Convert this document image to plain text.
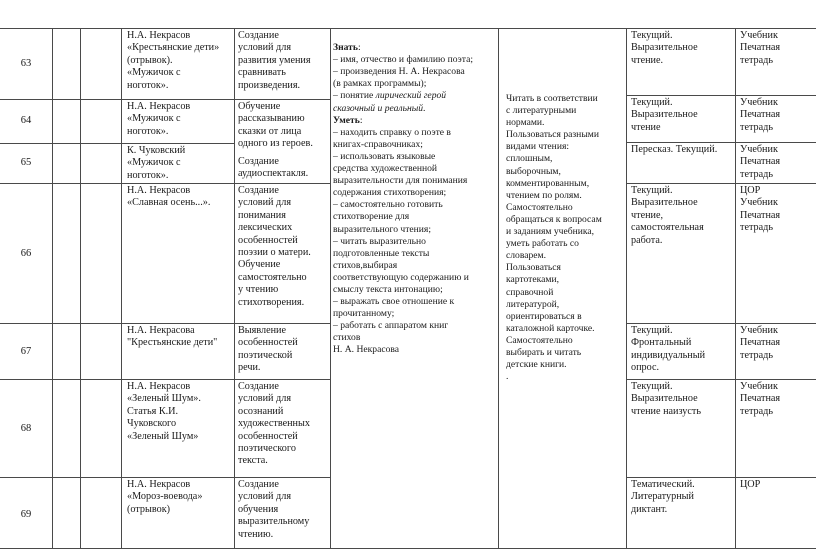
63
64
65
66
67
68
69
Н.А. Некрасов
«Крестьянские дети»
(отрывок).
«Мужичок с
ноготок».
Н.А. Некрасов
«Мужичок с
ноготок».
К. Чуковский
«Мужичок с
ноготок».
Н.А. Некрасов
«Славная осень...».
Н.А. Некрасова
"Крестьянские дети"
Н.А. Некрасов
«Зеленый Шум».
Статья К.И.
Чуковского
«Зеленый Шум»
Н.А. Некрасов
«Мороз-воевода»
(отрывок)
Создание
условий для
развития умения
сравнивать
произведения.
Обучение
рассказыванию
сказки от лица
одного из героев.
Создание
аудиоспектакля.
Создание
условий для
понимания
лексических
особенностей
поэзии о матери.
Обучение
самостоятельно
у чтению
стихотворения.
Выявление
особенностей
поэтической
речи.
Создание
условий для
осознаний
художественных
особенностей
поэтического
текста.
Создание
условий для
обучения
выразительному
чтению.

Знать:
– имя, отчество и фамилию поэта;
– произведения Н. А. Некрасова
(в рамках программы);
– понятие лирический герой
сказочный и реальный.
Уметь:
– находить справку о поэте в
книгах-справочниках;
– использовать языковые
средства художественной
выразительности для понимания
содержания стихотворения;
– самостоятельно готовить
стихотворение для
выразительного чтения;
– читать выразительно
подготовленные тексты
стихов,выбирая
соответствующую содержанию и
смыслу текста интонацию;
– выражать свое отношение к
прочитанному;
– работать с аппаратом книг
стихов
Н. А. Некрасова
Читать в соответствии
с литературными
нормами.
Пользоваться разными
видами чтения:
сплошным,
выборочным,
комментированным,
чтением по ролям.
Самостоятельно
обращаться к вопросам
и заданиям учебника,
уметь работать со
словарем.
Пользоваться
картотеками,
справочной
литературой,
ориентироваться в
каталожной карточке.
Самостоятельно
выбирать и читать
детские книги.
.
Текущий.
Выразительное
чтение.
Текущий.
Выразительное
чтение
Пересказ. Текущий.
Текущий.
Выразительное
чтение,
самостоятельная
работа.
Текущий.
Фронтальный
индивидуальный
опрос.
Текущий.
Выразительное
чтение наизусть
Тематический.
Литературный
диктант.
Учебник
Печатная
тетрадь
Учебник
Печатная
тетрадь
Учебник
Печатная
тетрадь
ЦОР
Учебник
Печатная
тетрадь
Учебник
Печатная
тетрадь
Учебник
Печатная
тетрадь
ЦОР
